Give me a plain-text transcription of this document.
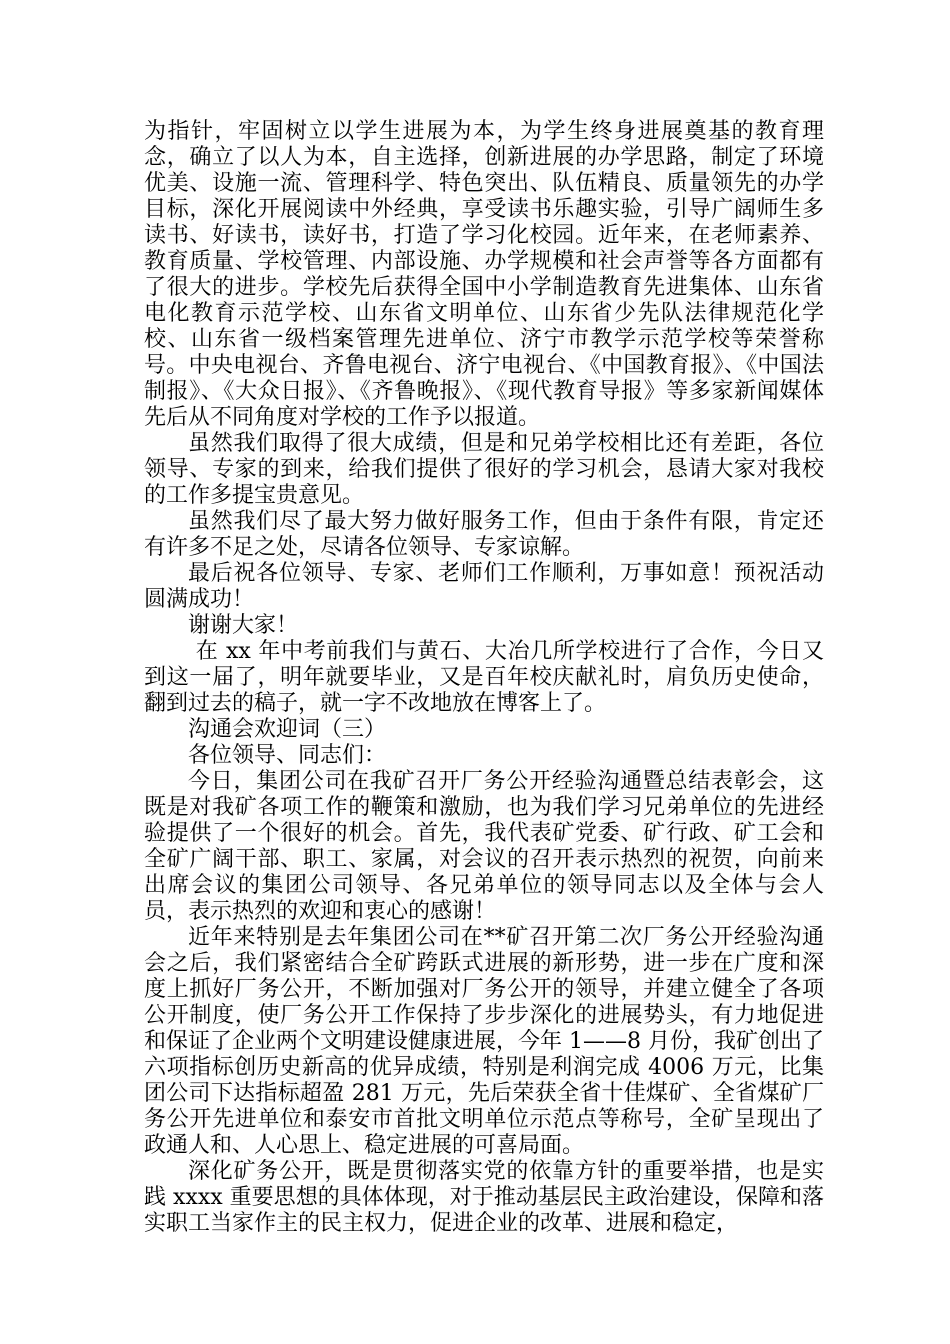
为指针，牢固树立以学生进展为本，为学生终身进展奠基的教育理念，确立了以人为本，自主选择，创新进展的办学思路，制定了环境优美、设施一流、管理科学、特色突出、队伍精良、质量领先的办学目标，深化开展阅读中外经典，享受读书乐趣实验，引导广阔师生多读书、好读书，读好书，打造了学习化校园。近年来，在老师素养、教育质量、学校管理、内部设施、办学规模和社会声誉等各方面都有了很大的进步。学校先后获得全国中小学制造教育先进集体、山东省电化教育示范学校、山东省文明单位、山东省少先队法律规范化学校、山东省一级档案管理先进单位、济宁市教学示范学校等荣誉称号。中央电视台、齐鲁电视台、济宁电视台、《中国教育报》、《中国法制报》、《大众日报》、《齐鲁晚报》、《现代教育导报》等多家新闻媒体先后从不同角度对学校的工作予以报道。

虽然我们取得了很大成绩，但是和兄弟学校相比还有差距，各位领导、专家的到来，给我们提供了很好的学习机会，恳请大家对我校的工作多提宝贵意见。

虽然我们尽了最大努力做好服务工作，但由于条件有限，肯定还有许多不足之处，尽请各位领导、专家谅解。

最后祝各位领导、专家、老师们工作顺利，万事如意！预祝活动圆满成功！

谢谢大家！

在 xx 年中考前我们与黄石、大冶几所学校进行了合作，今日又到这一届了，明年就要毕业，又是百年校庆献礼时，肩负历史使命，翻到过去的稿子，就一字不改地放在博客上了。

沟通会欢迎词（三）

各位领导、同志们：

今日，集团公司在我矿召开厂务公开经验沟通暨总结表彰会，这既是对我矿各项工作的鞭策和激励，也为我们学习兄弟单位的先进经验提供了一个很好的机会。首先，我代表矿党委、矿行政、矿工会和全矿广阔干部、职工、家属，对会议的召开表示热烈的祝贺，向前来出席会议的集团公司领导、各兄弟单位的领导同志以及全体与会人员，表示热烈的欢迎和衷心的感谢！

近年来特别是去年集团公司在**矿召开第二次厂务公开经验沟通会之后，我们紧密结合全矿跨跃式进展的新形势，进一步在广度和深度上抓好厂务公开，不断加强对厂务公开的领导，并建立健全了各项公开制度，使厂务公开工作保持了步步深化的进展势头，有力地促进和保证了企业两个文明建设健康进展，今年 1——8 月份，我矿创出了六项指标创历史新高的优异成绩，特别是利润完成 4006 万元，比集团公司下达指标超盈 281 万元，先后荣获全省十佳煤矿、全省煤矿厂务公开先进单位和泰安市首批文明单位示范点等称号，全矿呈现出了政通人和、人心思上、稳定进展的可喜局面。

深化矿务公开，既是贯彻落实党的依靠方针的重要举措，也是实践 xxxx 重要思想的具体体现，对于推动基层民主政治建设，保障和落实职工当家作主的民主权力，促进企业的改革、进展和稳定，
